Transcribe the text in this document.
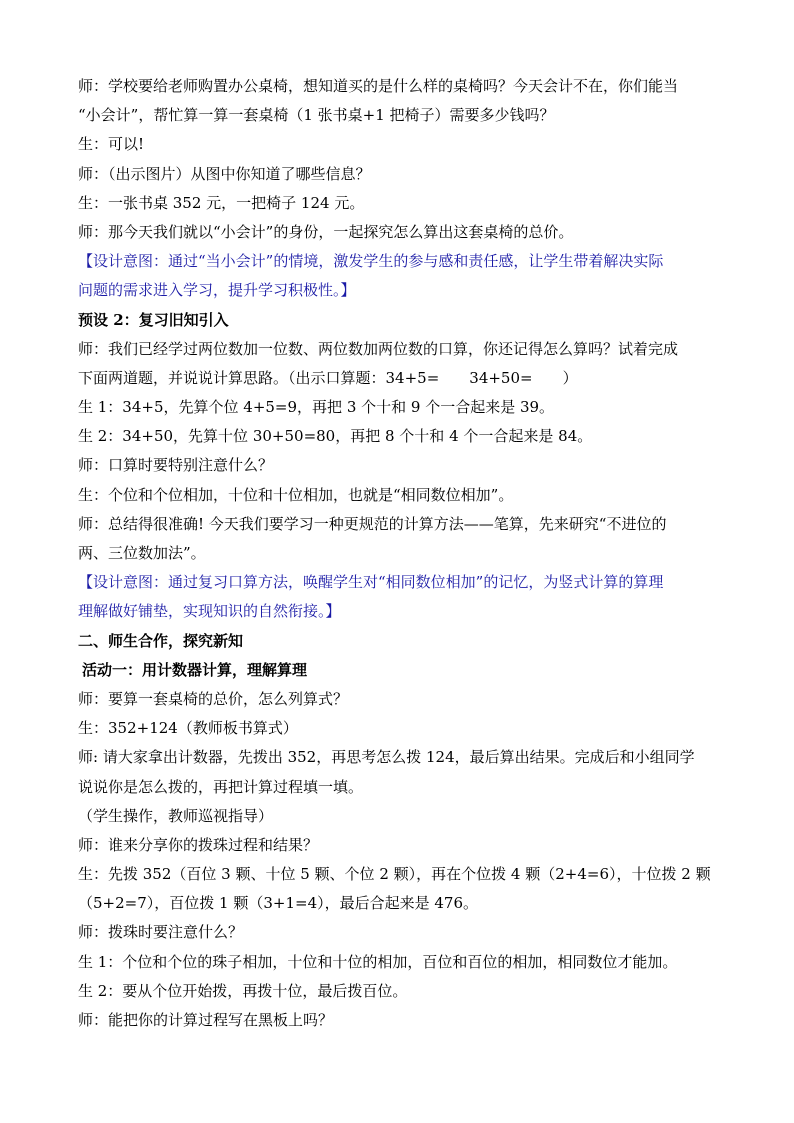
师：学校要给老师购置办公桌椅，想知道买的是什么样的桌椅吗？今天会计不在，你们能当
“小会计”，帮忙算一算一套桌椅（1 张书桌+1 把椅子）需要多少钱吗？
生：可以!
师：（出示图片）从图中你知道了哪些信息？
生：一张书桌 352 元，一把椅子 124 元。
师：那今天我们就以“小会计”的身份，一起探究怎么算出这套桌椅的总价。
【设计意图：通过“当小会计”的情境，激发学生的参与感和责任感，让学生带着解决实际
问题的需求进入学习，提升学习积极性。】
预设 2：复习旧知引入
师：我们已经学过两位数加一位数、两位数加两位数的口算，你还记得怎么算吗？试着完成
下面两道题，并说说计算思路。（出示口算题：34+5=　　34+50=　　）
生 1：34+5，先算个位 4+5=9，再把 3 个十和 9 个一合起来是 39。
生 2：34+50，先算十位 30+50=80，再把 8 个十和 4 个一合起来是 84。
师：口算时要特别注意什么？
生：个位和个位相加，十位和十位相加，也就是“相同数位相加”。
师：总结得很准确! 今天我们要学习一种更规范的计算方法——笔算，先来研究“不进位的
两、三位数加法”。
【设计意图：通过复习口算方法，唤醒学生对“相同数位相加”的记忆，为竖式计算的算理
理解做好铺垫，实现知识的自然衔接。】
二、师生合作，探究新知
活动一：用计数器计算，理解算理
师：要算一套桌椅的总价，怎么列算式？
生：352+124（教师板书算式）
师: 请大家拿出计数器，先拨出 352，再思考怎么拨 124，最后算出结果。完成后和小组同学
说说你是怎么拨的，再把计算过程填一填。
（学生操作，教师巡视指导）
师：谁来分享你的拨珠过程和结果？
生：先拨 352（百位 3 颗、十位 5 颗、个位 2 颗），再在个位拨 4 颗（2+4=6），十位拨 2 颗
（5+2=7），百位拨 1 颗（3+1=4），最后合起来是 476。
师：拨珠时要注意什么？
生 1：个位和个位的珠子相加，十位和十位的相加，百位和百位的相加，相同数位才能加。
生 2：要从个位开始拨，再拨十位，最后拨百位。
师：能把你的计算过程写在黑板上吗？
